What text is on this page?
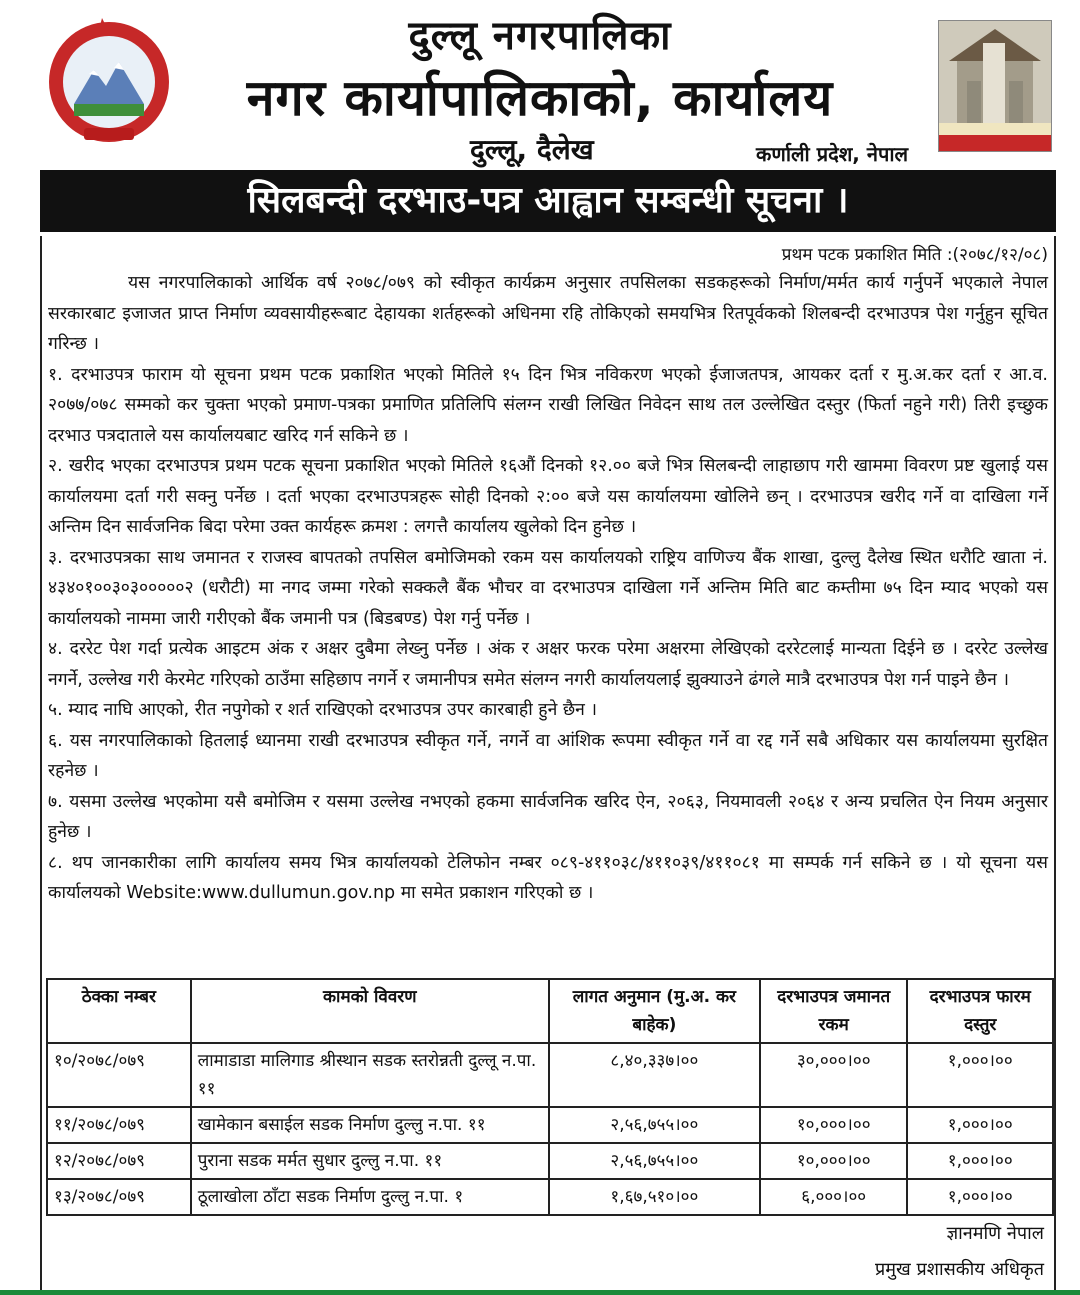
दुल्लू नगरपालिका
नगर कार्यापालिकाको, कार्यालय
दुल्लू, दैलेख	कर्णाली प्रदेश, नेपाल
सिलबन्दी दरभाउ-पत्र आह्वान सम्बन्धी सूचना ।
प्रथम पटक प्रकाशित मिति :(२०७८/१२/०८)

यस नगरपालिकाको आर्थिक वर्ष २०७८/०७९ को स्वीकृत कार्यक्रम अनुसार तपसिलका सडकहरूको निर्माण/मर्मत कार्य गर्नुपर्ने भएकाले नेपाल सरकारबाट इजाजत प्राप्त निर्माण व्यवसायीहरूबाट देहायका शर्तहरूको अधिनमा रहि तोकिएको समयभित्र रितपूर्वकको शिलबन्दी दरभाउपत्र पेश गर्नुहुन सूचित गरिन्छ ।

१. दरभाउपत्र फाराम यो सूचना प्रथम पटक प्रकाशित भएको मितिले १५ दिन भित्र नविकरण भएको ईजाजतपत्र, आयकर दर्ता र मु.अ.कर दर्ता र आ.व. २०७७/०७८ सम्मको कर चुक्ता भएको प्रमाण-पत्रका प्रमाणित प्रतिलिपि संलग्न राखी लिखित निवेदन साथ तल उल्लेखित दस्तुर (फिर्ता नहुने गरी) तिरी इच्छुक दरभाउ पत्रदाताले यस कार्यालयबाट खरिद गर्न सकिने छ ।

२. खरीद भएका दरभाउपत्र प्रथम पटक सूचना प्रकाशित भएको मितिले १६औं दिनको १२.०० बजे भित्र सिलबन्दी लाहाछाप गरी खाममा विवरण प्रष्ट खुलाई यस कार्यालयमा दर्ता गरी सक्नु पर्नेछ । दर्ता भएका दरभाउपत्रहरू सोही दिनको २:०० बजे यस कार्यालयमा खोलिने छन् । दरभाउपत्र खरीद गर्ने वा दाखिला गर्ने अन्तिम दिन सार्वजनिक बिदा परेमा उक्त कार्यहरू क्रमश : लगत्तै कार्यालय खुलेको दिन हुनेछ ।

३. दरभाउपत्रका साथ जमानत र राजस्व बापतको तपसिल बमोजिमको रकम यस कार्यालयको राष्ट्रिय वाणिज्य बैंक शाखा, दुल्लु दैलेख स्थित धरौटि खाता नं. ४३४०१००३०३०००००२ (धरौटी) मा नगद जम्मा गरेको सक्कलै बैंक भौचर वा दरभाउपत्र दाखिला गर्ने अन्तिम मिति बाट कम्तीमा ७५ दिन म्याद भएको यस कार्यालयको नाममा जारी गरीएको बैंक जमानी पत्र (बिडबण्ड) पेश गर्नु पर्नेछ ।

४. दररेट पेश गर्दा प्रत्येक आइटम अंक र अक्षर दुबैमा लेख्नु पर्नेछ । अंक र अक्षर फरक परेमा अक्षरमा लेखिएको दररेटलाई मान्यता दिईने छ । दररेट उल्लेख नगर्ने, उल्लेख गरी केरमेट गरिएको ठाउँमा सहिछाप नगर्ने र जमानीपत्र समेत संलग्न नगरी कार्यालयलाई झुक्याउने ढंगले मात्रै दरभाउपत्र पेश गर्न पाइने छैन ।

५. म्याद नाघि आएको, रीत नपुगेको र शर्त राखिएको दरभाउपत्र उपर कारबाही हुने छैन ।

६. यस नगरपालिकाको हितलाई ध्यानमा राखी दरभाउपत्र स्वीकृत गर्ने, नगर्ने वा आंशिक रूपमा स्वीकृत गर्ने वा रद्द गर्ने सबै अधिकार यस कार्यालयमा सुरक्षित रहनेछ ।

७. यसमा उल्लेख भएकोमा यसै बमोजिम र यसमा उल्लेख नभएको हकमा सार्वजनिक खरिद ऐन, २०६३, नियमावली २०६४ र अन्य प्रचलित ऐन नियम अनुसार हुनेछ ।

८. थप जानकारीका लागि कार्यालय समय भित्र कार्यालयको टेलिफोन नम्बर ०८९-४११०३८/४११०३९/४११०८१ मा सम्पर्क गर्न सकिने छ । यो सूचना यस कार्यालयको Website:www.dullumun.gov.np मा समेत प्रकाशन गरिएको छ ।

ठेक्का नम्बर	कामको विवरण	लागत अनुमान (मु.अ. कर बाहेक)	दरभाउपत्र जमानत रकम	दरभाउपत्र फारम दस्तुर
१०/२०७८/०७९	लामाडाडा मालिगाड श्रीस्थान सडक स्तरोन्नती दुल्लू न.पा. ११	८,४०,३३७।००	३०,०००।००	१,०००।००
११/२०७८/०७९	खामेकान बसाईल सडक निर्माण दुल्लु न.पा. ११	२,५६,७५५।००	१०,०००।००	१,०००।००
१२/२०७८/०७९	पुराना सडक मर्मत सुधार दुल्लु न.पा. ११	२,५६,७५५।००	१०,०००।००	१,०००।००
१३/२०७८/०७९	ठूलाखोला ठाँटा सडक निर्माण दुल्लु न.पा. १	१,६७,५१०।००	६,०००।००	१,०००।००
ज्ञानमणि नेपाल
प्रमुख प्रशासकीय अधिकृत
